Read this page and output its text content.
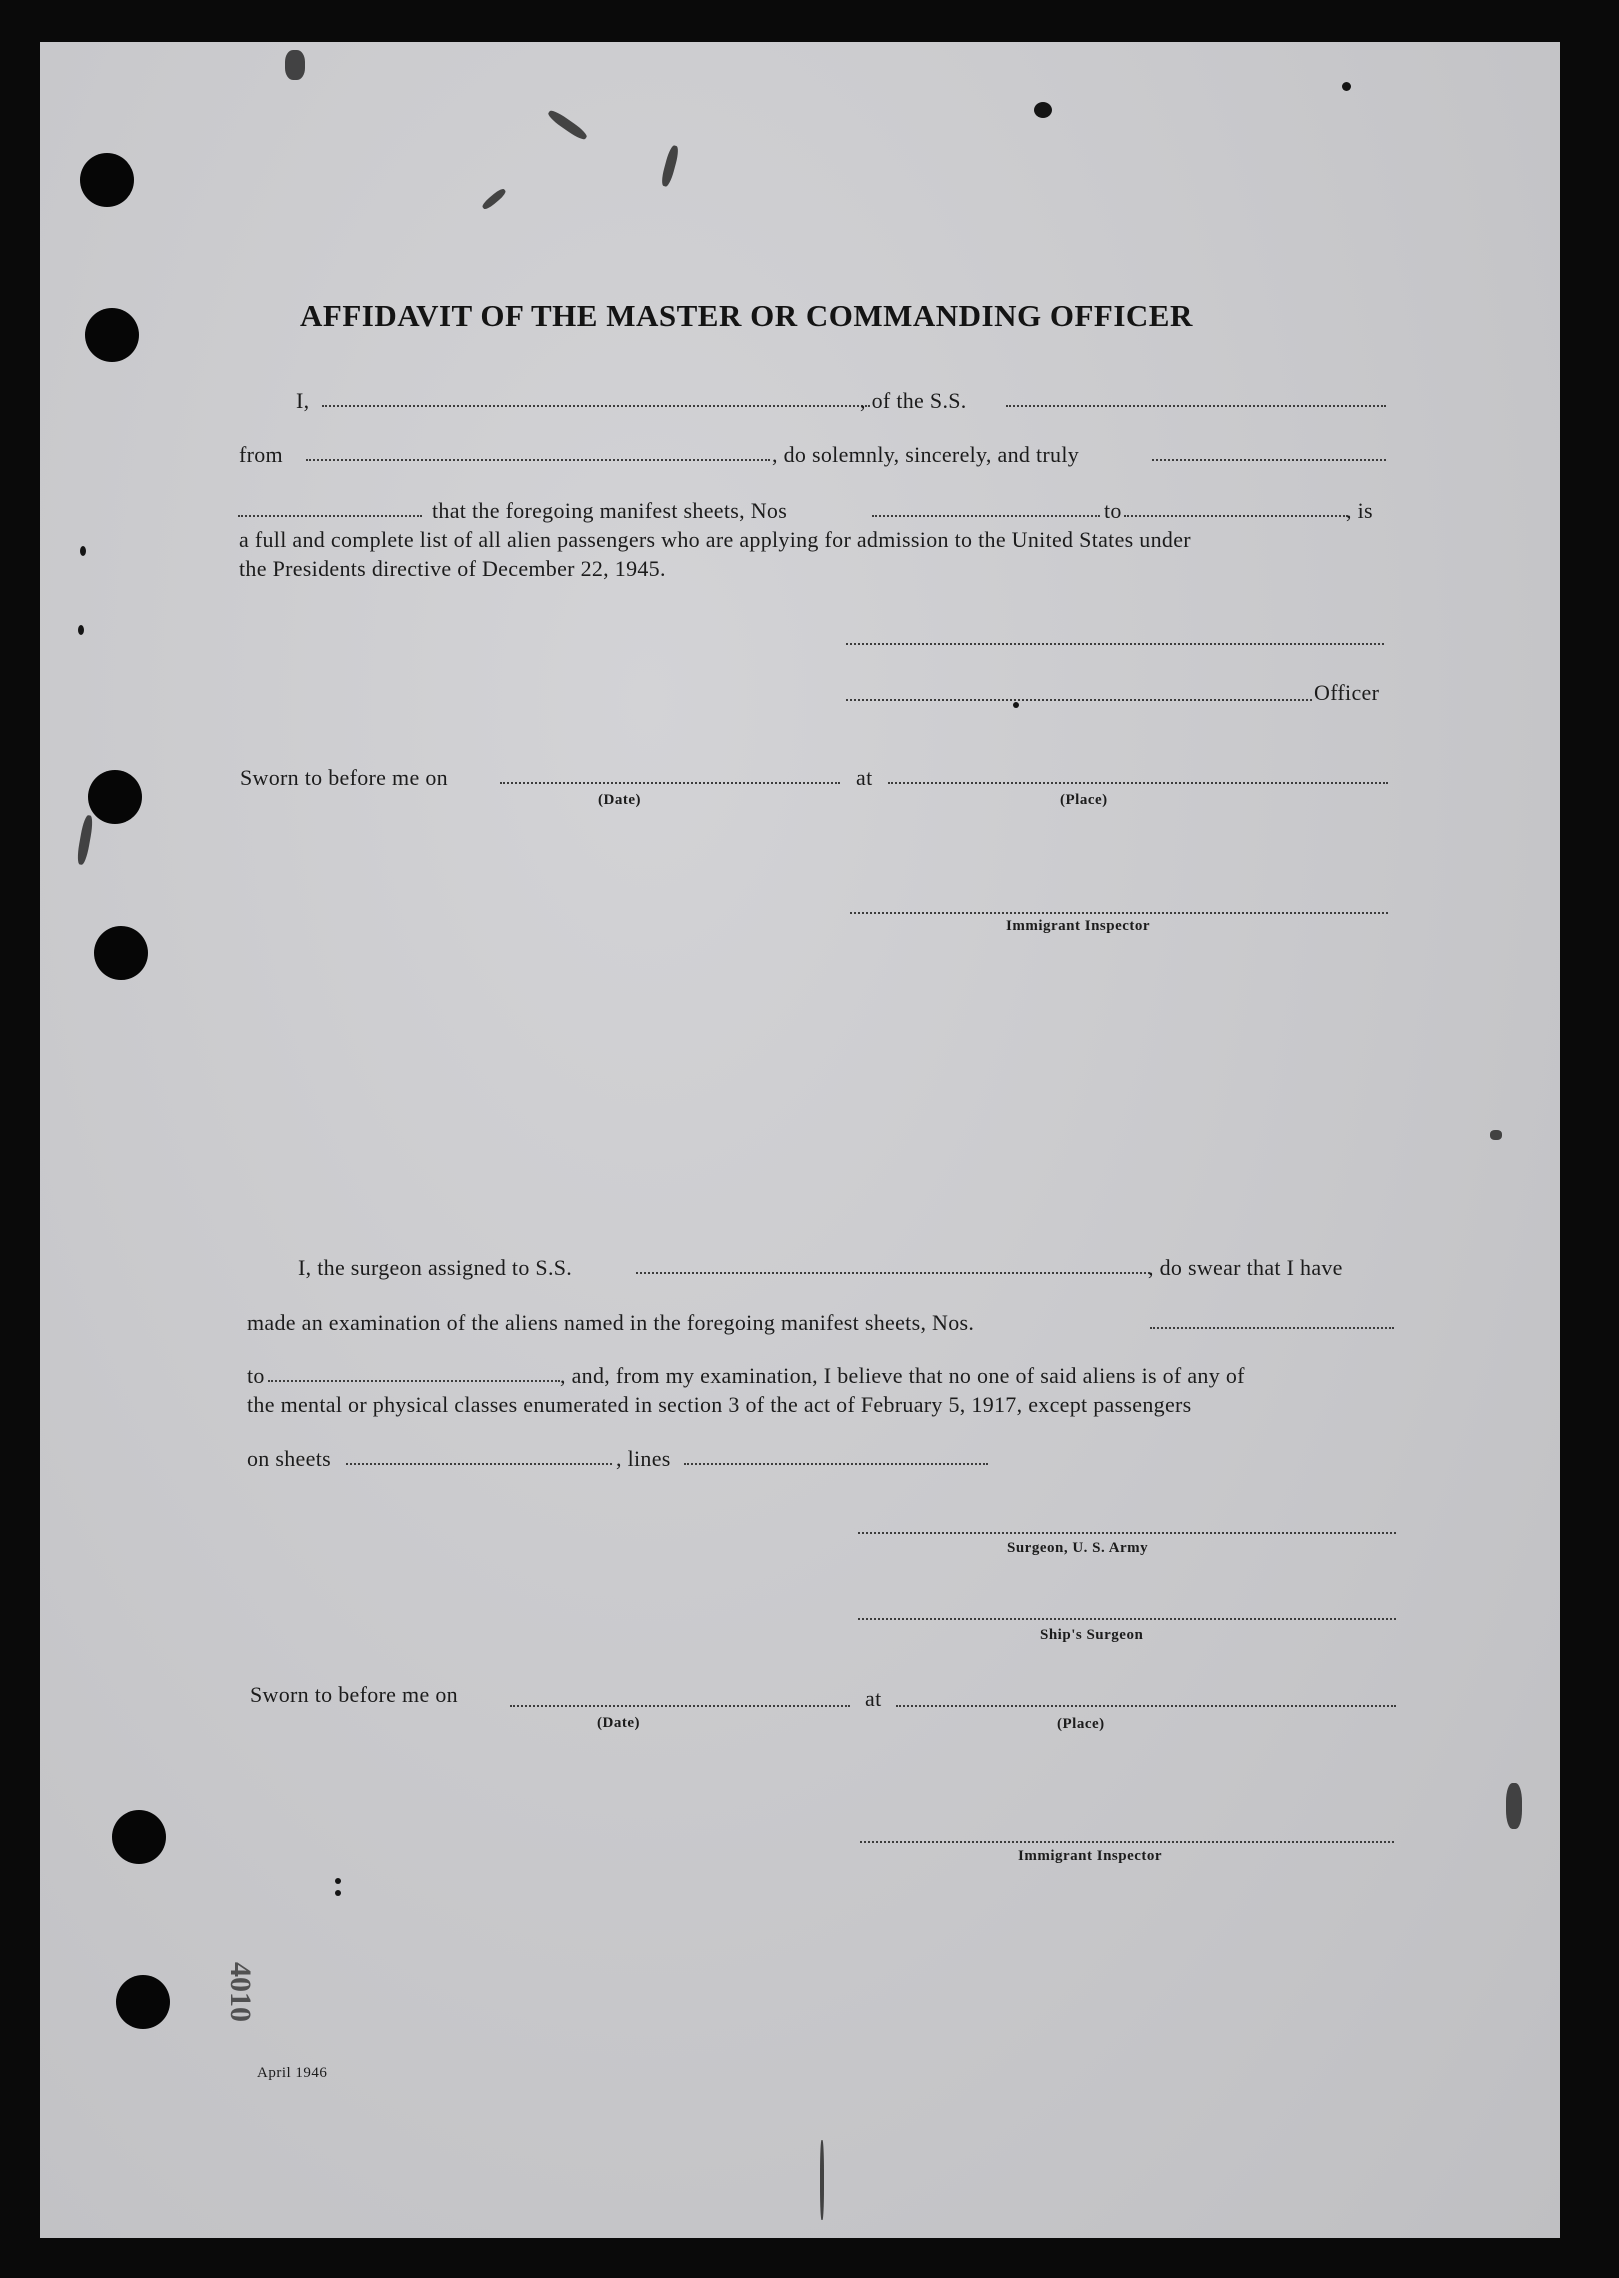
4010
AFFIDAVIT OF THE MASTER OR COMMANDING OFFICER
I,	, of the S.S.
from	, do solemnly, sincerely, and truly
that the foregoing manifest sheets, Nos	to	, is
a full and complete list of all alien passengers who are applying for admission to the United States under
the Presidents directive of December 22, 1945.
Officer
Sworn to before me on	at
(Date)	(Place)
Immigrant Inspector
I, the surgeon assigned to S.S.	, do swear that I have
made an examination of the aliens named in the foregoing manifest sheets, Nos.
to	, and, from my examination, I believe that no one of said aliens is of any of
the mental or physical classes enumerated in section 3 of the act of February 5, 1917, except passengers
on sheets	, lines
Surgeon, U. S. Army
Ship's Surgeon
Sworn to before me on	at
(Date)	(Place)
Immigrant Inspector
April 1946
